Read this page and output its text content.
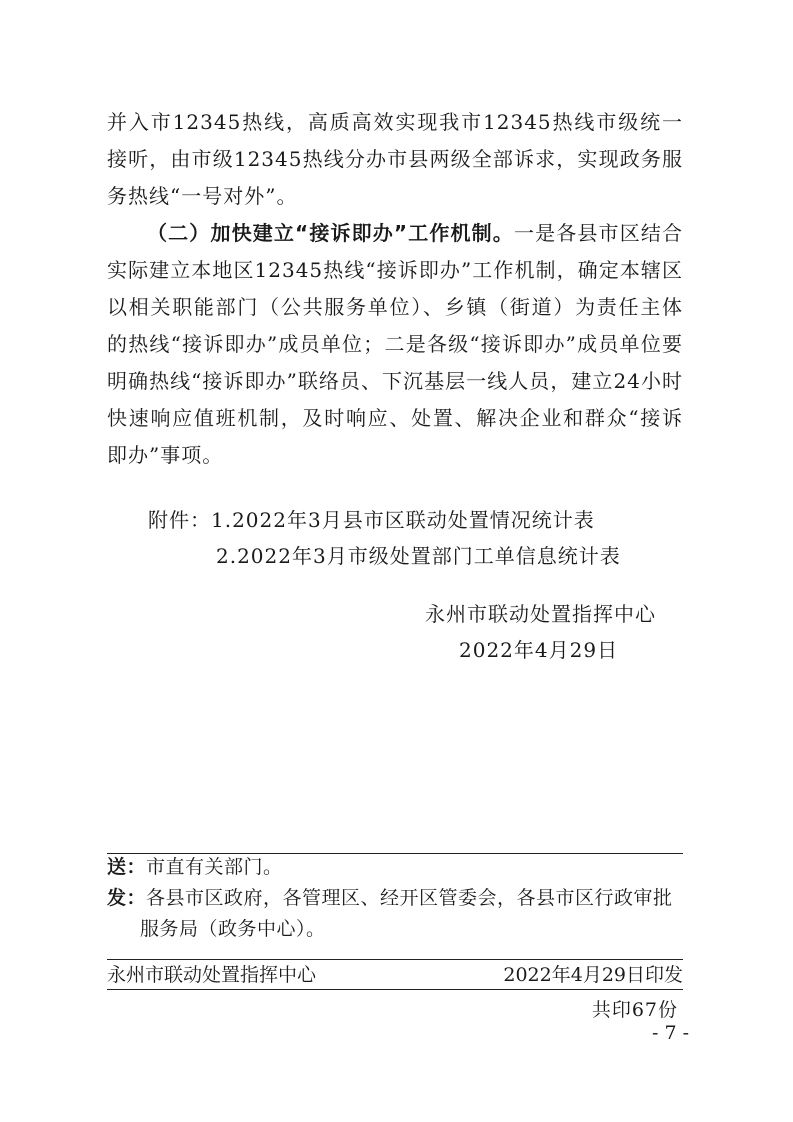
并入市12345热线，高质高效实现我市12345热线市级统一接听，由市级12345热线分办市县两级全部诉求，实现政务服务热线“一号对外”。

（二）加快建立“接诉即办”工作机制。一是各县市区结合实际建立本地区12345热线“接诉即办”工作机制，确定本辖区以相关职能部门（公共服务单位）、乡镇（街道）为责任主体的热线“接诉即办”成员单位；二是各级“接诉即办”成员单位要明确热线“接诉即办”联络员、下沉基层一线人员，建立24小时快速响应值班机制，及时响应、处置、解决企业和群众“接诉即办”事项。

附件：1.2022年3月县市区联动处置情况统计表
2.2022年3月市级处置部门工单信息统计表
永州市联动处置指挥中心
2022年4月29日
送：市直有关部门。
发：各县市区政府，各管理区、经开区管委会，各县市区行政审批
服务局（政务中心）。
永州市联动处置指挥中心	2022年4月29日印发
共印67份
- 7 -
